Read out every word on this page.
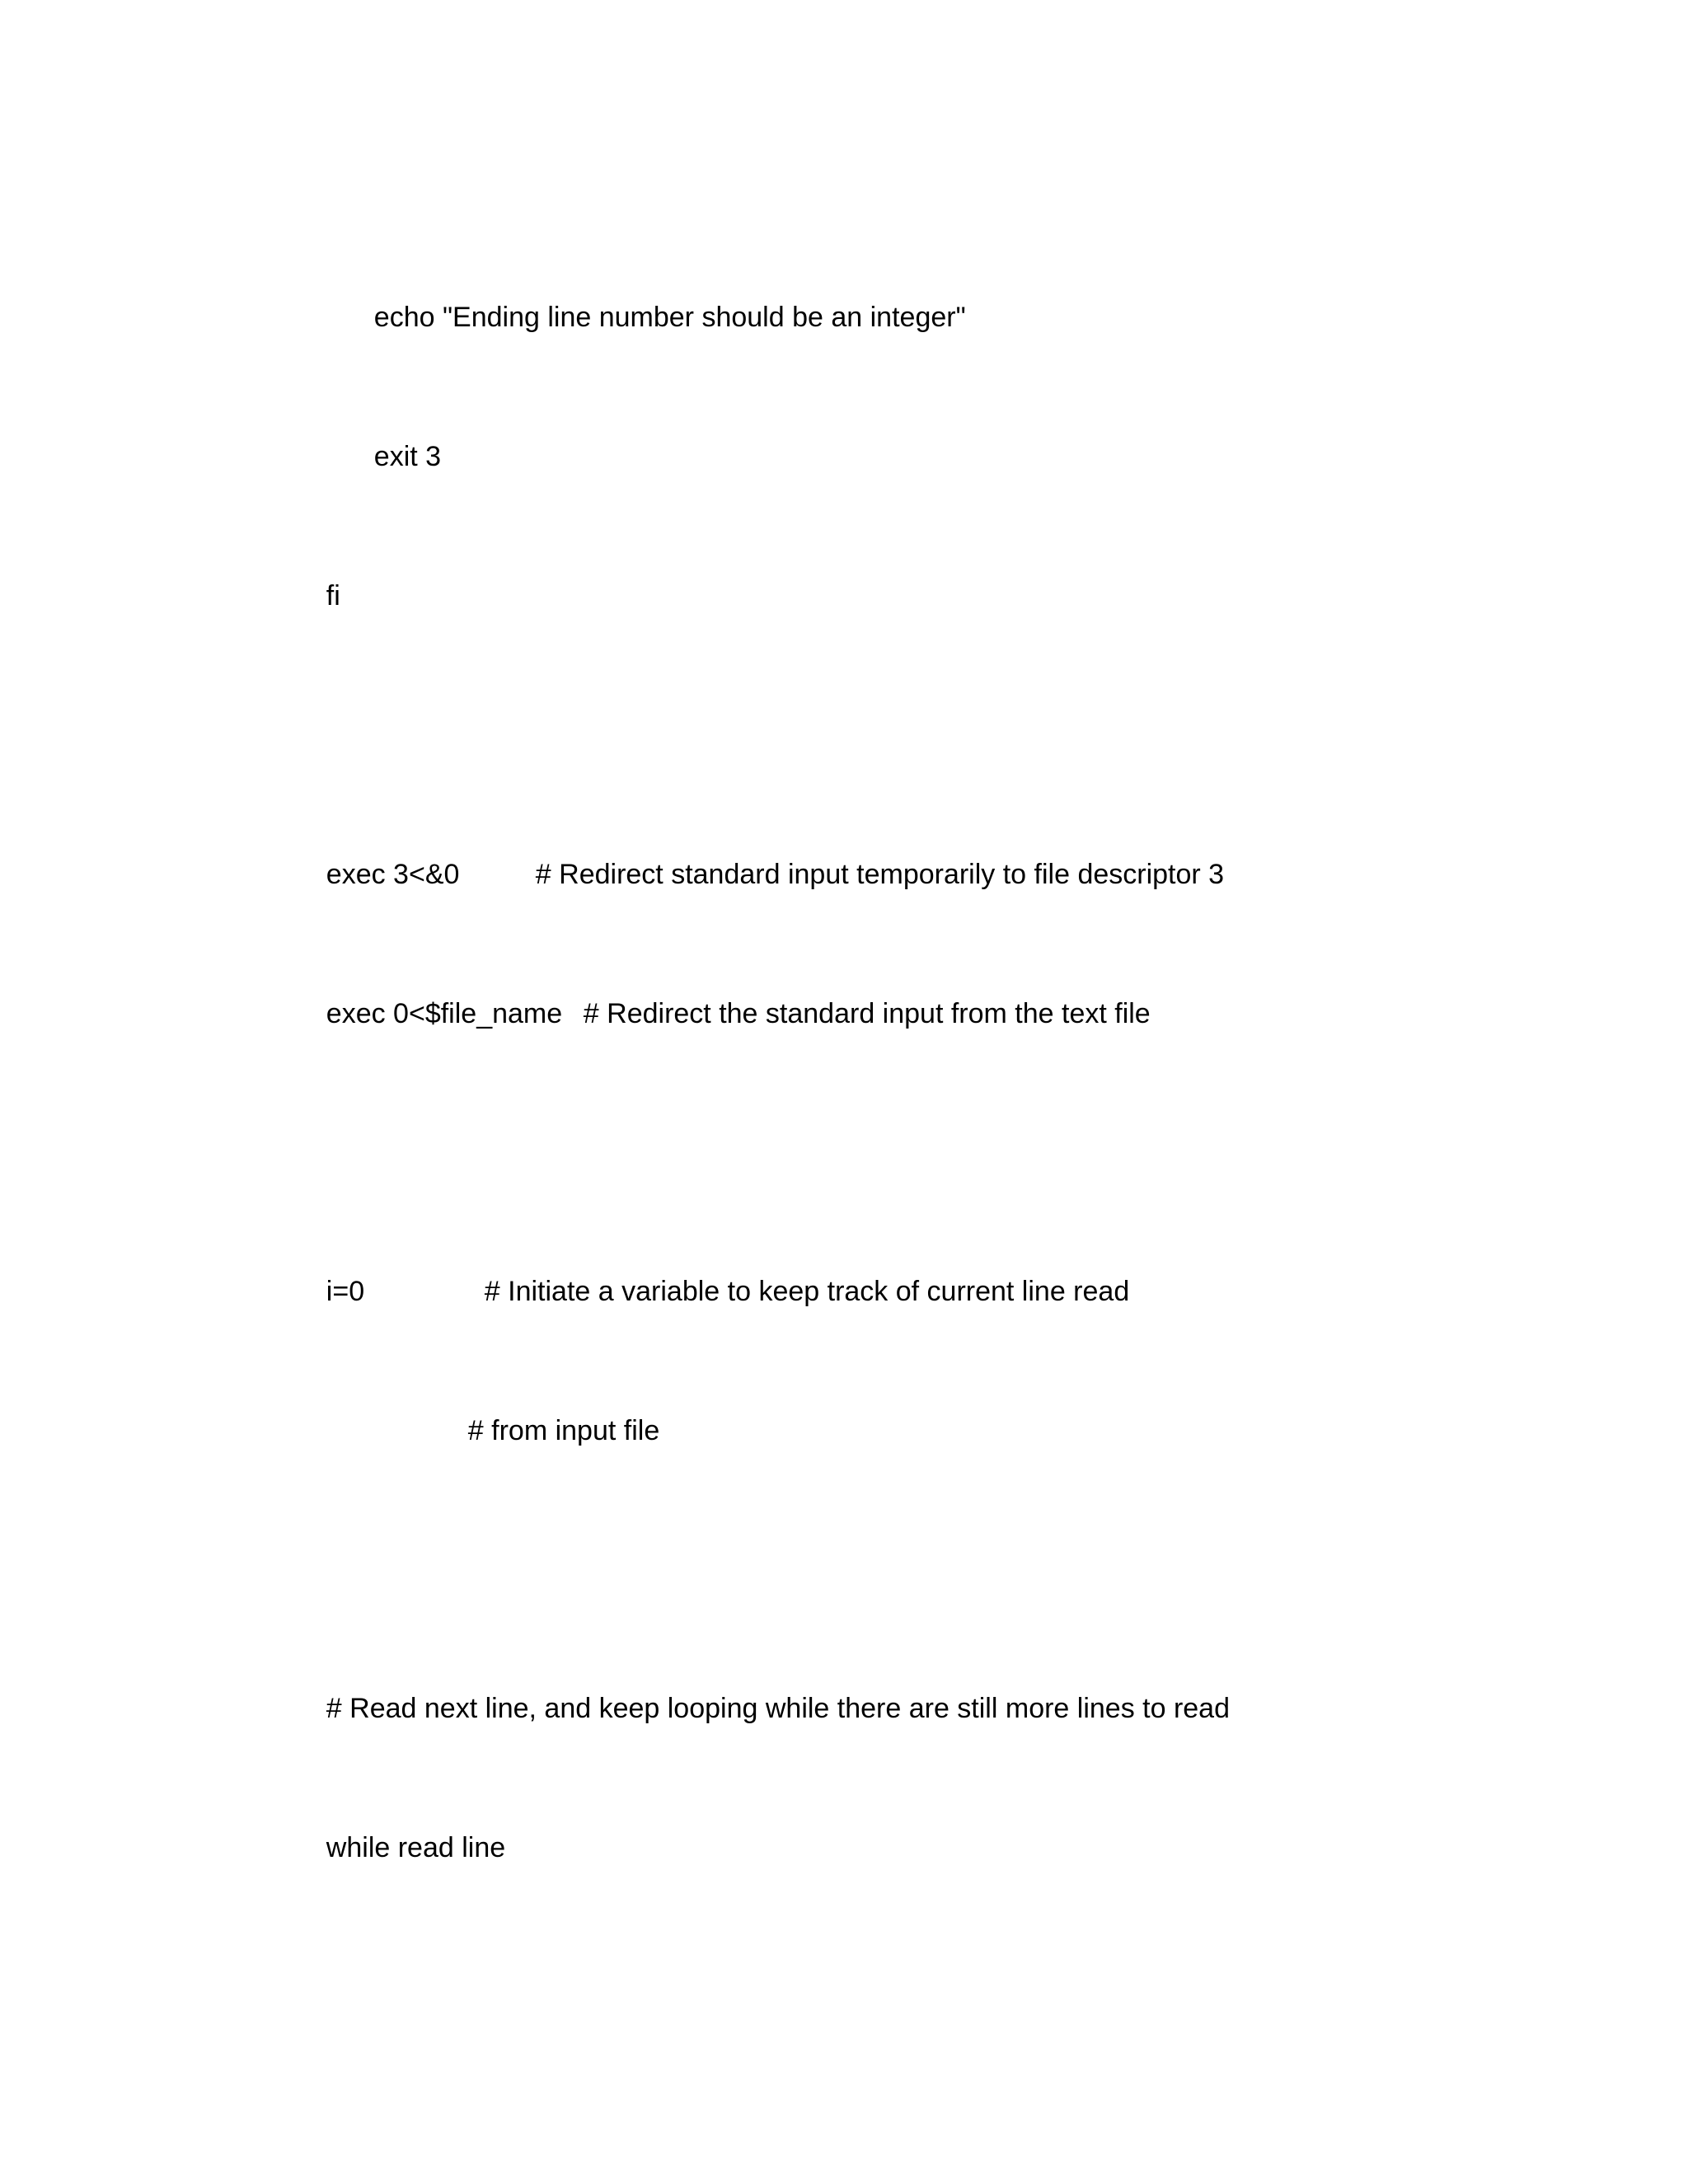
echo "Ending line number should be an integer"

exit 3

fi

exec 3<&0
	# Redirect standard input temporarily to file descriptor 3

exec 0<$file_name
# Redirect the standard input from the text file

i=0
	# Initiate a variable to keep track of current line read

# from input file

# Read next line, and keep looping while there are still more lines to read

while read line
